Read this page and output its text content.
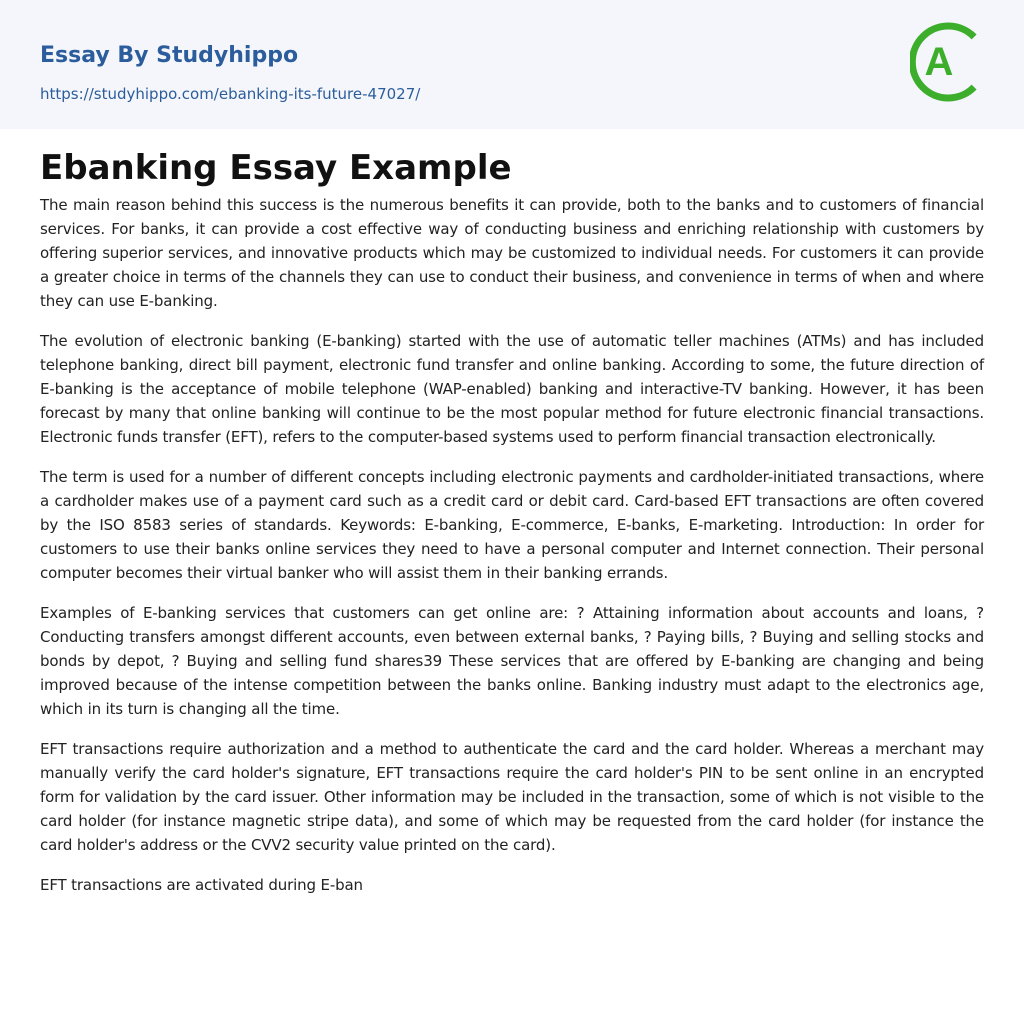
Essay By Studyhippo
https://studyhippo.com/ebanking-its-future-47027/
A
Ebanking Essay Example

The main reason behind this success is the numerous benefits it can provide, both to the banks and to customers of financial services. For banks, it can provide a cost effective way of conducting business and enriching relationship with customers by offering superior services, and innovative products which may be customized to individual needs. For customers it can provide a greater choice in terms of the channels they can use to conduct their business, and convenience in terms of when and where they can use E-banking.

The evolution of electronic banking (E-banking) started with the use of automatic teller machines (ATMs) and has included telephone banking, direct bill payment, electronic fund transfer and online banking. According to some, the future direction of E-banking is the acceptance of mobile telephone (WAP-enabled) banking and interactive-TV banking. However, it has been forecast by many that online banking will continue to be the most popular method for future electronic financial transactions. Electronic funds transfer (EFT), refers to the computer-based systems used to perform financial transaction electronically.

The term is used for a number of different concepts including electronic payments and cardholder-initiated transactions, where a cardholder makes use of a payment card such as a credit card or debit card. Card-based EFT transactions are often covered by the ISO 8583 series of standards. Keywords: E-banking, E-commerce, E-banks, E-marketing. Introduction: In order for customers to use their banks online services they need to have a personal computer and Internet connection. Their personal computer becomes their virtual banker who will assist them in their banking errands.

Examples of E-banking services that customers can get online are: ? Attaining information about accounts and loans, ? Conducting transfers amongst different accounts, even between external banks, ? Paying bills, ? Buying and selling stocks and bonds by depot, ? Buying and selling fund shares39 These services that are offered by E-banking are changing and being improved because of the intense competition between the banks online. Banking industry must adapt to the electronics age, which in its turn is changing all the time.

EFT transactions require authorization and a method to authenticate the card and the card holder. Whereas a merchant may manually verify the card holder's signature, EFT transactions require the card holder's PIN to be sent online in an encrypted form for validation by the card issuer. Other information may be included in the transaction, some of which is not visible to the card holder (for instance magnetic stripe data), and some of which may be requested from the card holder (for instance the card holder's address or the CVV2 security value printed on the card).

EFT transactions are activated during E-ban
